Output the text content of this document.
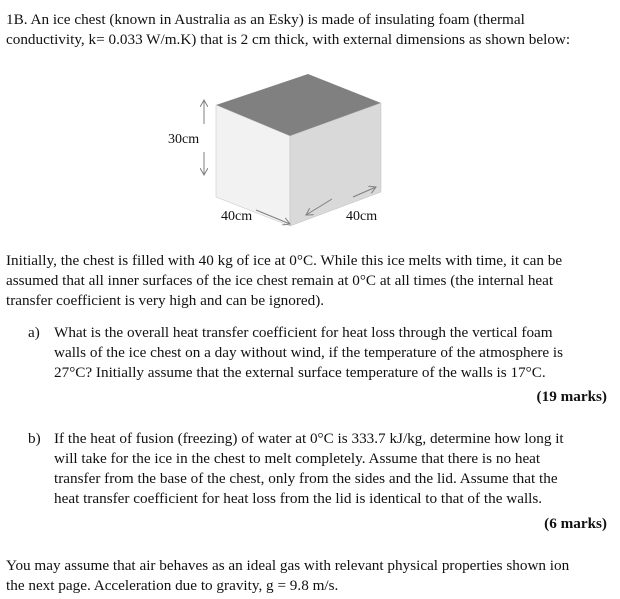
1B. An ice chest (known in Australia as an Esky) is made of insulating foam (thermal
conductivity, k= 0.033 W/m.K) that is 2 cm thick, with external dimensions as shown below:
30cm
40cm	40cm
Initially, the chest is filled with 40 kg of ice at 0°C. While this ice melts with time, it can be
assumed that all inner surfaces of the ice chest remain at 0°C at all times (the internal heat
transfer coefficient is very high and can be ignored).
a) What is the overall heat transfer coefficient for heat loss through the vertical foam
walls of the ice chest on a day without wind, if the temperature of the atmosphere is
27°C? Initially assume that the external surface temperature of the walls is 17°C.
(19 marks)
b) If the heat of fusion (freezing) of water at 0°C is 333.7 kJ/kg, determine how long it
will take for the ice in the chest to melt completely. Assume that there is no heat
transfer from the base of the chest, only from the sides and the lid. Assume that the
heat transfer coefficient for heat loss from the lid is identical to that of the walls.
(6 marks)
You may assume that air behaves as an ideal gas with relevant physical properties shown ion
the next page. Acceleration due to gravity, g = 9.8 m/s.
